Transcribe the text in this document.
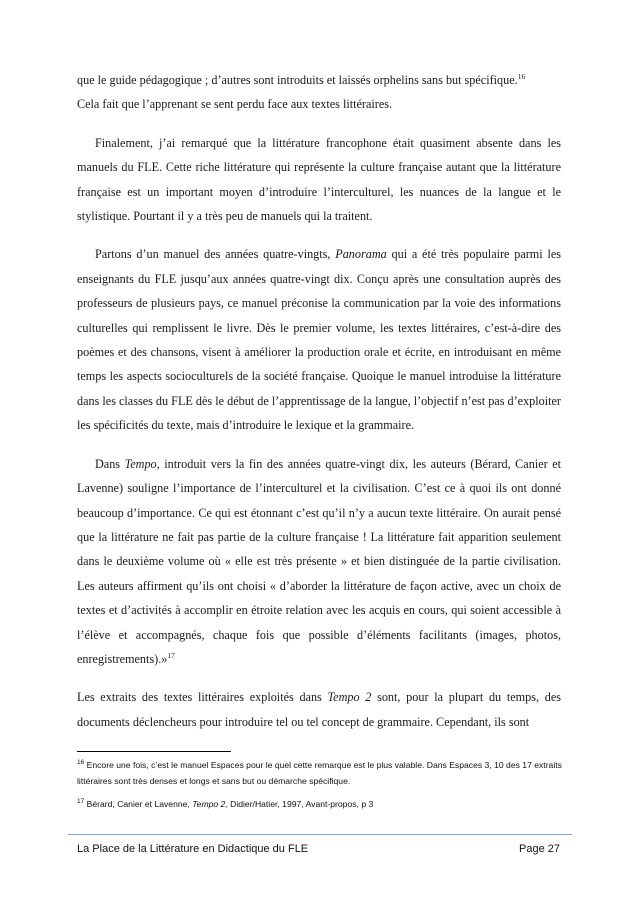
que le guide pédagogique ; d’autres sont introduits et laissés orphelins sans but spécifique.$^{16}$
Cela fait que l’apprenant se sent perdu face aux textes littéraires.

Finalement, j’ai remarqué que la littérature francophone était quasiment absente dans les manuels du FLE. Cette riche littérature qui représente la culture française autant que la littérature française est un important moyen d’introduire l’interculturel, les nuances de la langue et le stylistique. Pourtant il y a très peu de manuels qui la traitent.

Partons d’un manuel des années quatre-vingts, Panorama qui a été très populaire parmi les enseignants du FLE jusqu’aux années quatre-vingt dix. Conçu après une consultation auprès des professeurs de plusieurs pays, ce manuel préconise la communication par la voie des informations culturelles qui remplissent le livre. Dès le premier volume, les textes littéraires, c’est-à-dire des poèmes et des chansons, visent à améliorer la production orale et écrite, en introduisant en même temps les aspects socioculturels de la société française. Quoique le manuel introduise la littérature dans les classes du FLE dès le début de l’apprentissage de la langue, l’objectif n’est pas d’exploiter les spécificités du texte, mais d’introduire le lexique et la grammaire.

Dans Tempo, introduit vers la fin des années quatre-vingt dix, les auteurs (Bérard, Canier et Lavenne) souligne l’importance de l’interculturel et la civilisation. C’est ce à quoi ils ont donné beaucoup d’importance. Ce qui est étonnant c’est qu’il n’y a aucun texte littéraire. On aurait pensé que la littérature ne fait pas partie de la culture française ! La littérature fait apparition seulement dans le deuxième volume où « elle est très présente » et bien distinguée de la partie civilisation. Les auteurs affirment qu’ils ont choisi « d’aborder la littérature de façon active, avec un choix de textes et d’activités à accomplir en étroite relation avec les acquis en cours, qui soient accessible à l’élève et accompagnés, chaque fois que possible d’éléments facilitants (images, photos, enregistrements).»$^{17}$

Les extraits des textes littéraires exploités dans Tempo 2 sont, pour la plupart du temps, des documents déclencheurs pour introduire tel ou tel concept de grammaire. Cependant, ils sont

$^{16}$ Encore une fois, c’est le manuel Espaces pour le quel cette remarque est le plus valable. Dans Espaces 3, 10 des 17 extraits littéraires sont très denses et longs et sans but ou démarche spécifique.

$^{17}$ Bérard, Canier et Lavenne, Tempo 2, Didier/Hatier, 1997, Avant-propos, p 3

La Place de la Littérature en Didactique du FLE	Page 27
